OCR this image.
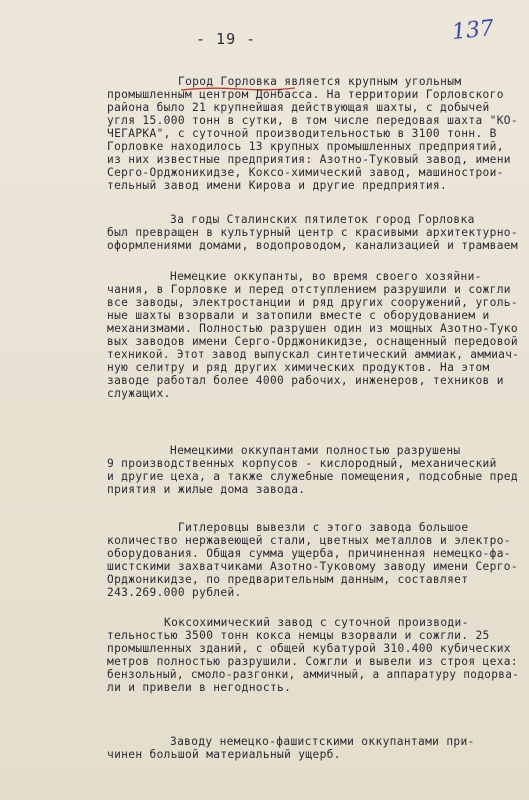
- 19 -	137
Город Горловка является крупным угольным
промышленным центром Донбасса. На территории Горловского
района было 21 крупнейшая действующая шахты, с добычей
угля 15.000 тонн в сутки, в том числе передовая шахта "КО-
ЧЕГАРКА", с суточной производительностью в 3100 тонн. В
Горловке находилось 13 крупных промышленных предприятий,
из них известные предприятия: Азотно-Туковый завод, имени
Серго-Орджоникидзе, Коксо-химический завод, машинострои-
тельный завод имени Кирова и другие предприятия.
За годы Сталинских пятилеток город Горловка
был превращен в культурный центр с красивыми архитектурно-
оформлениями домами, водопроводом, канализацией и трамваем
Немецкие оккупанты, во время своего хозяйни-
чания, в Горловке и перед отступлением разрушили и сожгли
все заводы, электростанции и ряд других сооружений, уголь-
ные шахты взорвали и затопили вместе с оборудованием и
механизмами. Полностью разрушен один из мощных Азотно-Туко
вых заводов имени Серго-Орджоникидзе, оснащенный передовой
техникой. Этот завод выпускал синтетический аммиак, аммиач-
ную селитру и ряд других химических продуктов. На этом
заводе работал более 4000 рабочих, инженеров, техников и
служащих.
Немецкими оккупантами полностью разрушены
9 производственных корпусов - кислородный, механический
и другие цеха, а также служебные помещения, подсобные пред
приятия и жилые дома завода.
Гитлеровцы вывезли с этого завода большое
количество нержавеющей стали, цветных металлов и электро-
оборудования. Общая сумма ущерба, причиненная немецко-фа-
шистскими захватчиками Азотно-Туковому заводу имени Серго-
Орджоникидзе, по предварительным данным, составляет
243.269.000 рублей.
Коксохимический завод с суточной производи-
тельностью 3500 тонн кокса немцы взорвали и сожгли. 25
промышленных зданий, с общей кубатурой 310.400 кубических
метров полностью разрушили. Сожгли и вывели из строя цеха:
бензольный, смоло-разгонки, аммичный, а аппаратуру подорва-
ли и привели в негодность.
Заводу немецко-фашистскими оккупантами при-
чинен большой материальный ущерб.
